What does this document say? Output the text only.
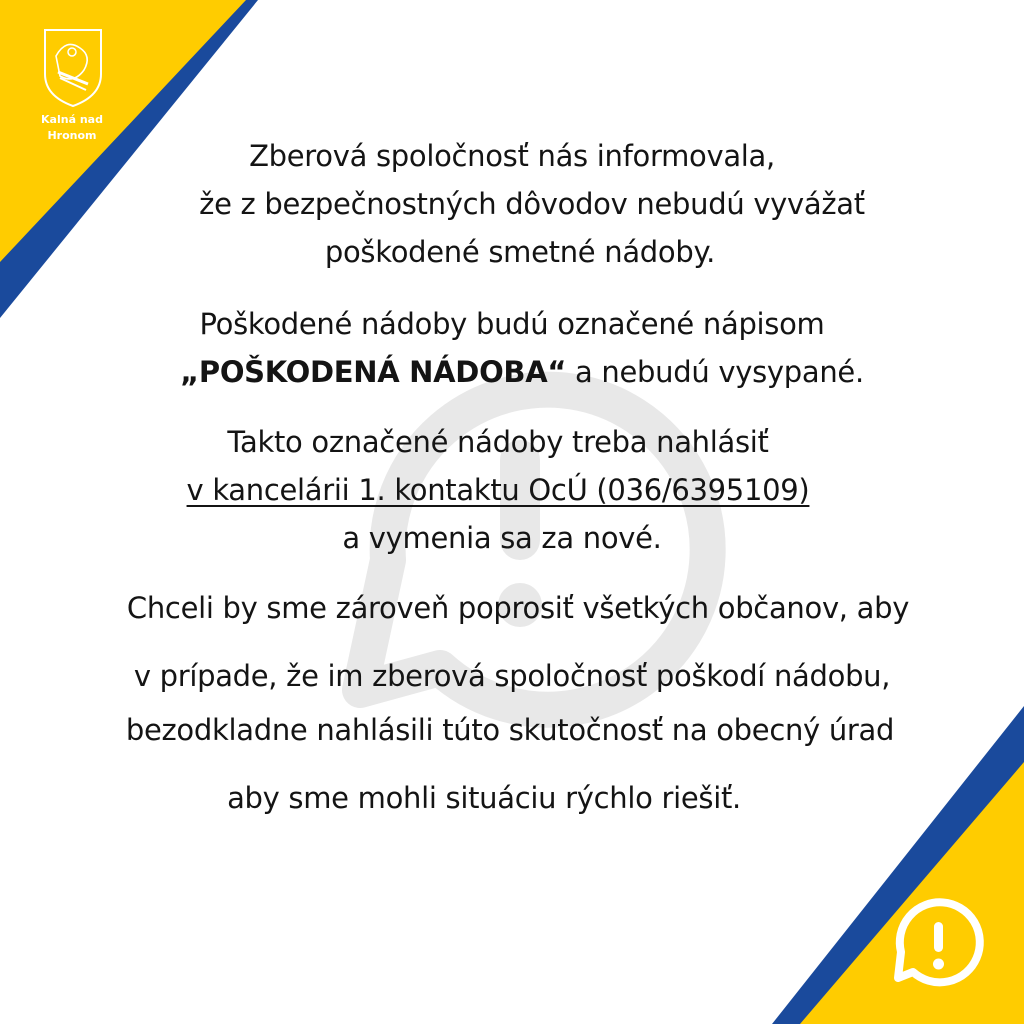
Kalná nad
Hronom
Zberová spoločnosť nás informovala,
že z bezpečnostných dôvodov nebudú vyvážať
poškodené smetné nádoby.
Poškodené nádoby budú označené nápisom
„POŠKODENÁ NÁDOBA“ a nebudú vysypané.
Takto označené nádoby treba nahlásiť
v kancelárii 1. kontaktu OcÚ (036/6395109)
a vymenia sa za nové.
Chceli by sme zároveň poprosiť všetkých občanov, aby
v prípade, že im zberová spoločnosť poškodí nádobu,
bezodkladne nahlásili túto skutočnosť na obecný úrad
aby sme mohli situáciu rýchlo riešiť.
